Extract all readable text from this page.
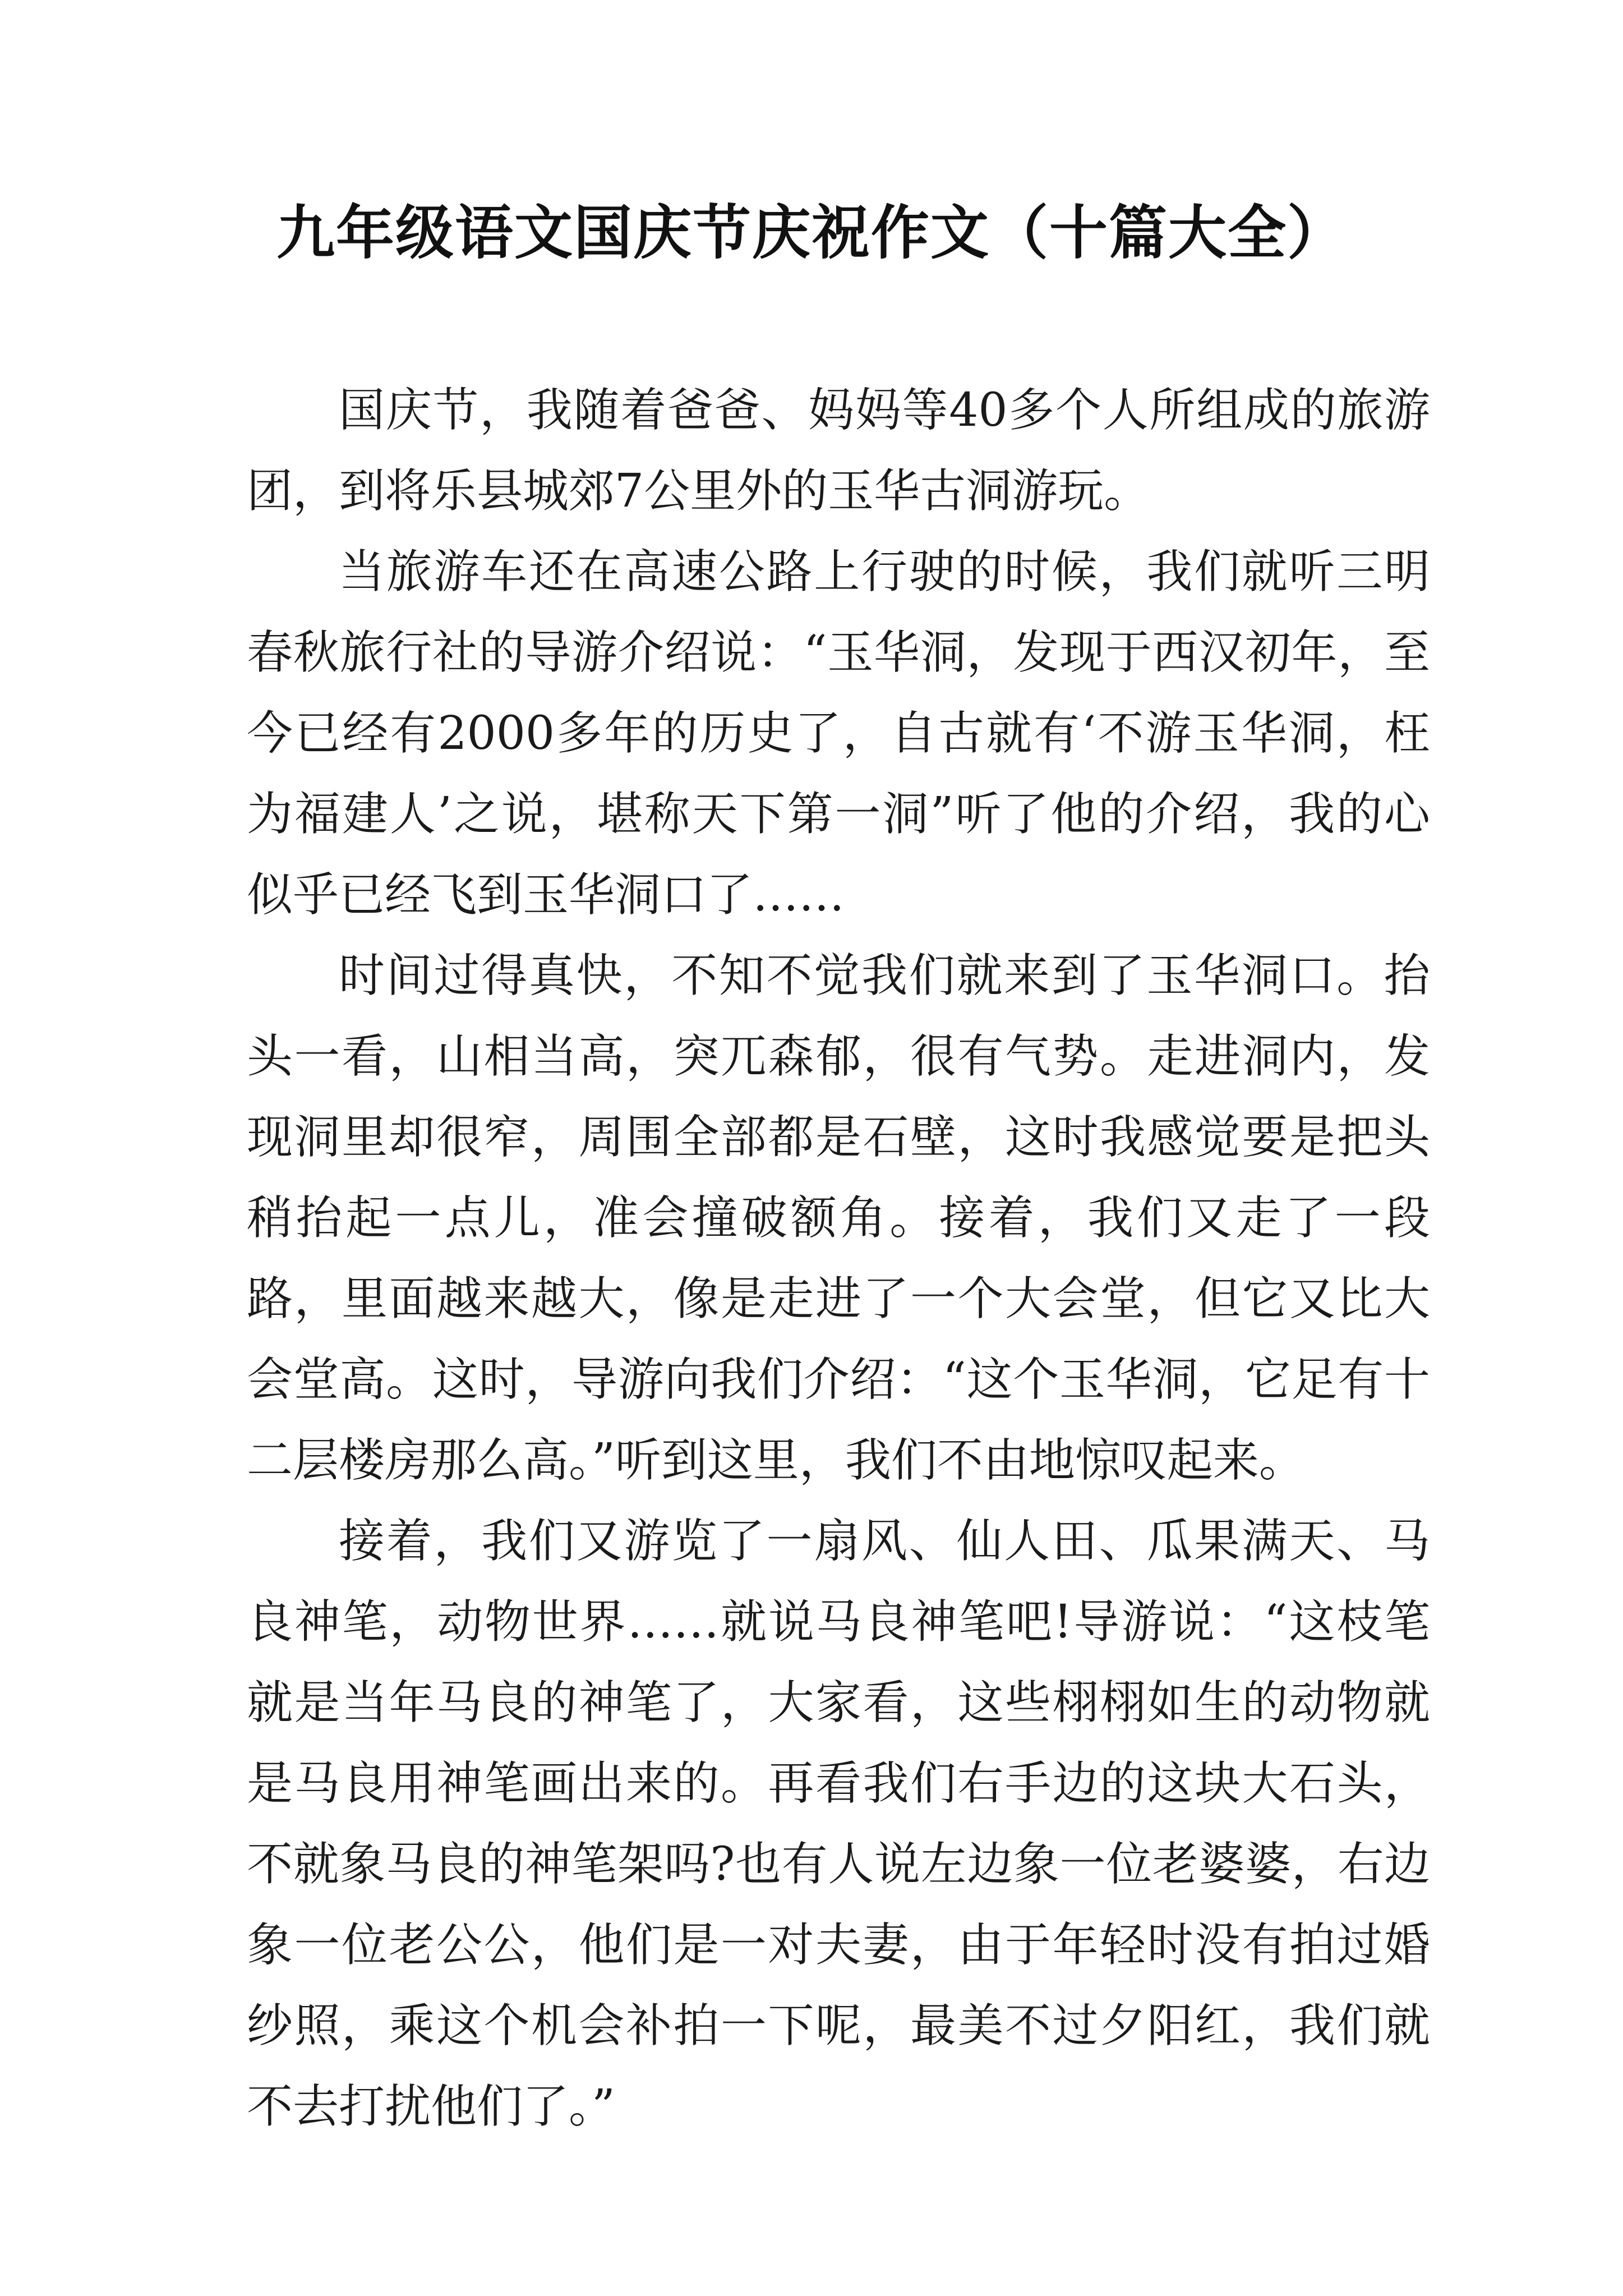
九年级语文国庆节庆祝作文（十篇大全）

国庆节，我随着爸爸、妈妈等40多个人所组成的旅游团，到将乐县城郊7公里外的玉华古洞游玩。

当旅游车还在高速公路上行驶的时候，我们就听三明春秋旅行社的导游介绍说：“玉华洞，发现于西汉初年，至今已经有2000多年的历史了，自古就有‘不游玉华洞，枉为福建人’之说，堪称天下第一洞”听了他的介绍，我的心似乎已经飞到玉华洞口了……

时间过得真快，不知不觉我们就来到了玉华洞口。抬头一看，山相当高，突兀森郁，很有气势。走进洞内，发现洞里却很窄，周围全部都是石壁，这时我感觉要是把头稍抬起一点儿，准会撞破额角。接着，我们又走了一段路，里面越来越大，像是走进了一个大会堂，但它又比大会堂高。这时，导游向我们介绍：“这个玉华洞，它足有十二层楼房那么高。”听到这里，我们不由地惊叹起来。

接着，我们又游览了一扇风、仙人田、瓜果满天、马良神笔，动物世界……就说马良神笔吧!导游说：“这枝笔就是当年马良的神笔了，大家看，这些栩栩如生的动物就是马良用神笔画出来的。再看我们右手边的这块大石头，不就象马良的神笔架吗?也有人说左边象一位老婆婆，右边象一位老公公，他们是一对夫妻，由于年轻时没有拍过婚纱照，乘这个机会补拍一下呢，最美不过夕阳红，我们就不去打扰他们了。”
